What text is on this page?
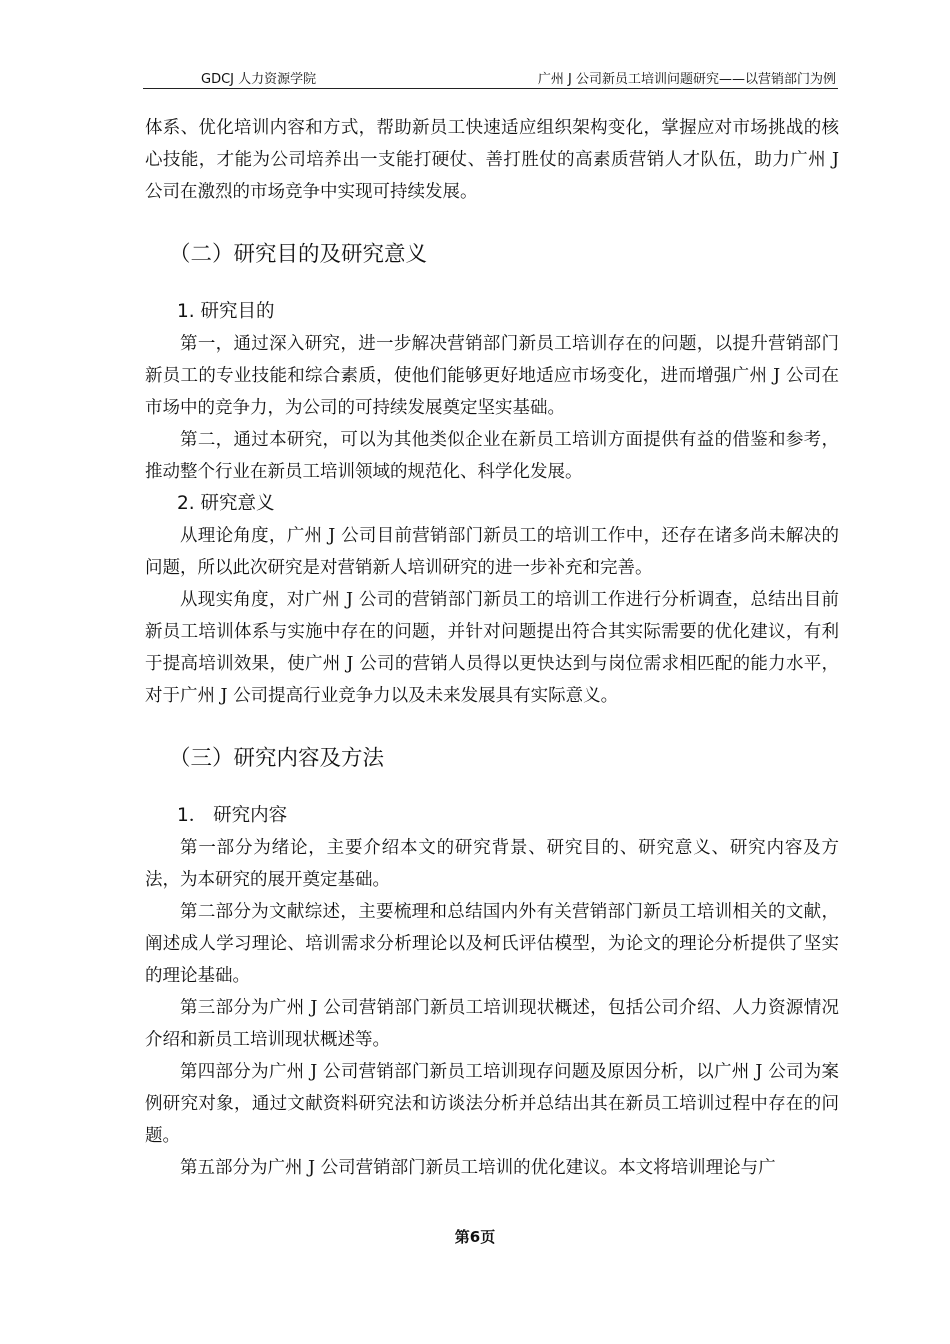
GDCJ 人力资源学院	广州 J 公司新员工培训问题研究——以营销部门为例

体系、优化培训内容和方式，帮助新员工快速适应组织架构变化，掌握应对市场挑战的核心技能，才能为公司培养出一支能打硬仗、善打胜仗的高素质营销人才队伍，助力广州 J 公司在激烈的市场竞争中实现可持续发展。

（二）研究目的及研究意义
1. 研究目的

第一，通过深入研究，进一步解决营销部门新员工培训存在的问题，以提升营销部门新员工的专业技能和综合素质，使他们能够更好地适应市场变化，进而增强广州 J 公司在市场中的竞争力，为公司的可持续发展奠定坚实基础。

第二，通过本研究，可以为其他类似企业在新员工培训方面提供有益的借鉴和参考，推动整个行业在新员工培训领域的规范化、科学化发展。

2. 研究意义

从理论角度，广州 J 公司目前营销部门新员工的培训工作中，还存在诸多尚未解决的问题，所以此次研究是对营销新人培训研究的进一步补充和完善。

从现实角度，对广州 J 公司的营销部门新员工的培训工作进行分析调查，总结出目前新员工培训体系与实施中存在的问题，并针对问题提出符合其实际需要的优化建议，有利于提高培训效果，使广州 J 公司的营销人员得以更快达到与岗位需求相匹配的能力水平，对于广州 J 公司提高行业竞争力以及未来发展具有实际意义。

（三）研究内容及方法
1． 研究内容

第一部分为绪论，主要介绍本文的研究背景、研究目的、研究意义、研究内容及方法，为本研究的展开奠定基础。

第二部分为文献综述，主要梳理和总结国内外有关营销部门新员工培训相关的文献，阐述成人学习理论、培训需求分析理论以及柯氏评估模型，为论文的理论分析提供了坚实的理论基础。

第三部分为广州 J 公司营销部门新员工培训现状概述，包括公司介绍、人力资源情况介绍和新员工培训现状概述等。

第四部分为广州 J 公司营销部门新员工培训现存问题及原因分析，以广州 J 公司为案例研究对象，通过文献资料研究法和访谈法分析并总结出其在新员工培训过程中存在的问题。

第五部分为广州 J 公司营销部门新员工培训的优化建议。本文将培训理论与广

第6页
